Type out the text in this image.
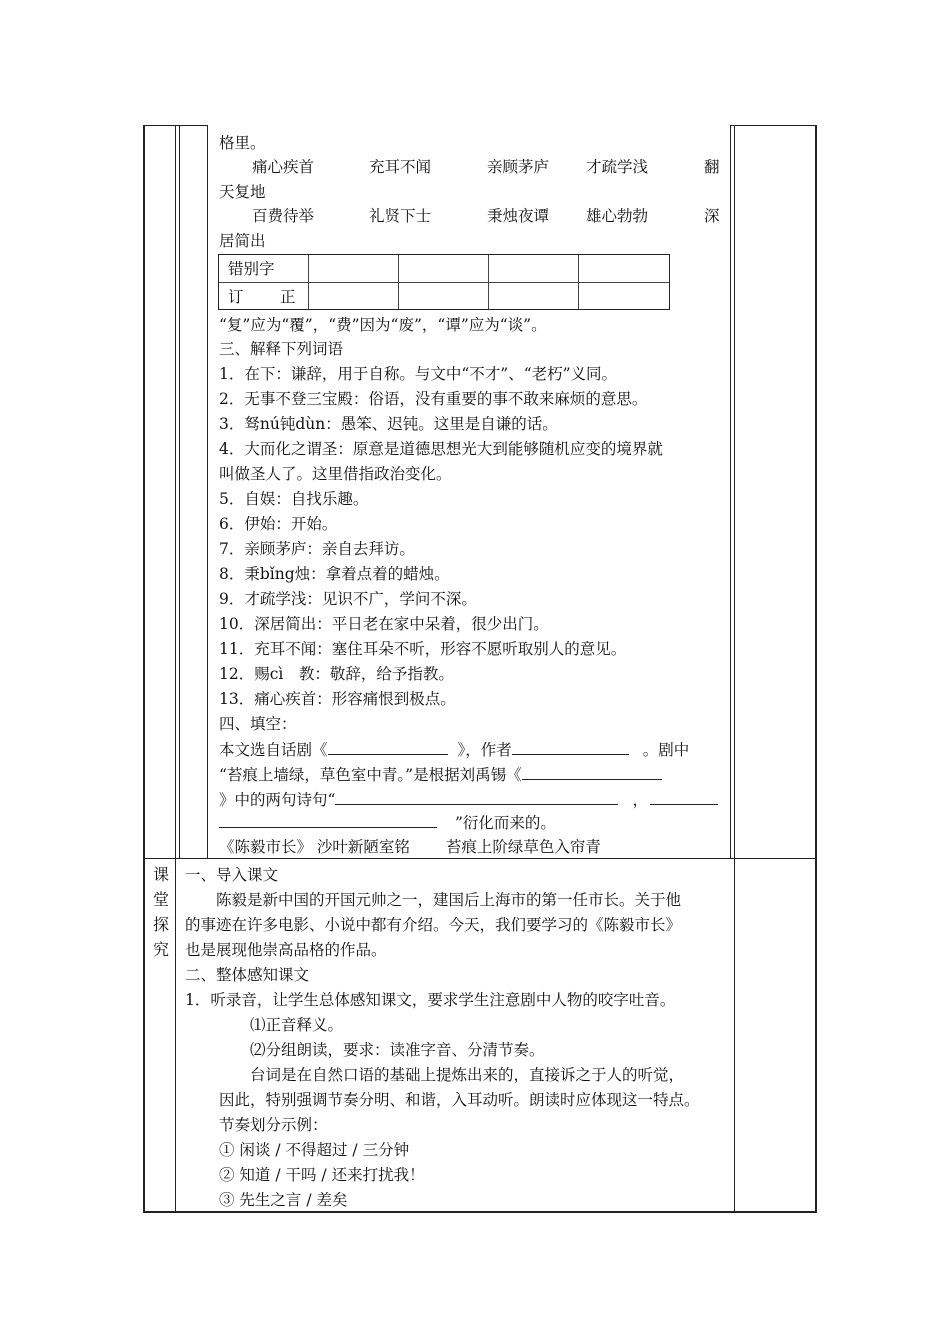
格里。
痛心疾首	充耳不闻	亲顾茅庐 才疏学浅	翻
天复地
百费待举	礼贤下士	秉烛夜谭 雄心勃勃	深
居简出
错别字
订 正
“复”应为“覆”，“费”因为“废”，“谭”应为“谈”。
三、解释下列词语
1．在下：谦辞，用于自称。与文中“不才”、“老朽”义同。
2．无事不登三宝殿：俗语，没有重要的事不敢来麻烦的意思。
3．驽nú钝dùn：愚笨、迟钝。这里是自谦的话。
4．大而化之谓圣：原意是道德思想光大到能够随机应变的境界就
叫做圣人了。这里借指政治变化。
5．自娱：自找乐趣。
6．伊始：开始。
7．亲顾茅庐：亲自去拜访。
8．秉bǐng烛：拿着点着的蜡烛。
9．才疏学浅：见识不广，学问不深。
10．深居简出：平日老在家中呆着，很少出门。
11．充耳不闻：塞住耳朵不听，形容不愿听取别人的意见。
12．赐cì　教：敬辞，给予指教。
13．痛心疾首：形容痛恨到极点。
四、填空：
本文选自话剧《	》，作者	。剧中
“苔痕上墙绿，草色室中青。”是根据刘禹锡《
》中的两句诗句“	，
”衍化而来的。
《陈毅市长》 沙叶新陋室铭　　 苔痕上阶绿草色入帘青
课
堂
探
究
一、导入课文
陈毅是新中国的开国元帅之一，建国后上海市的第一任市长。关于他
的事迹在许多电影、小说中都有介绍。今天，我们要学习的《陈毅市长》
也是展现他崇高品格的作品。
二、整体感知课文
1．听录音，让学生总体感知课文，要求学生注意剧中人物的咬字吐音。
⑴正音释义。
⑵分组朗读，要求：读准字音、分清节奏。
台词是在自然口语的基础上提炼出来的，直接诉之于人的听觉，
因此，特别强调节奏分明、和谐，入耳动听。朗读时应体现这一特点。
节奏划分示例：
① 闲谈 / 不得超过 / 三分钟
② 知道 / 干吗 / 还来打扰我！
③ 先生之言 / 差矣
